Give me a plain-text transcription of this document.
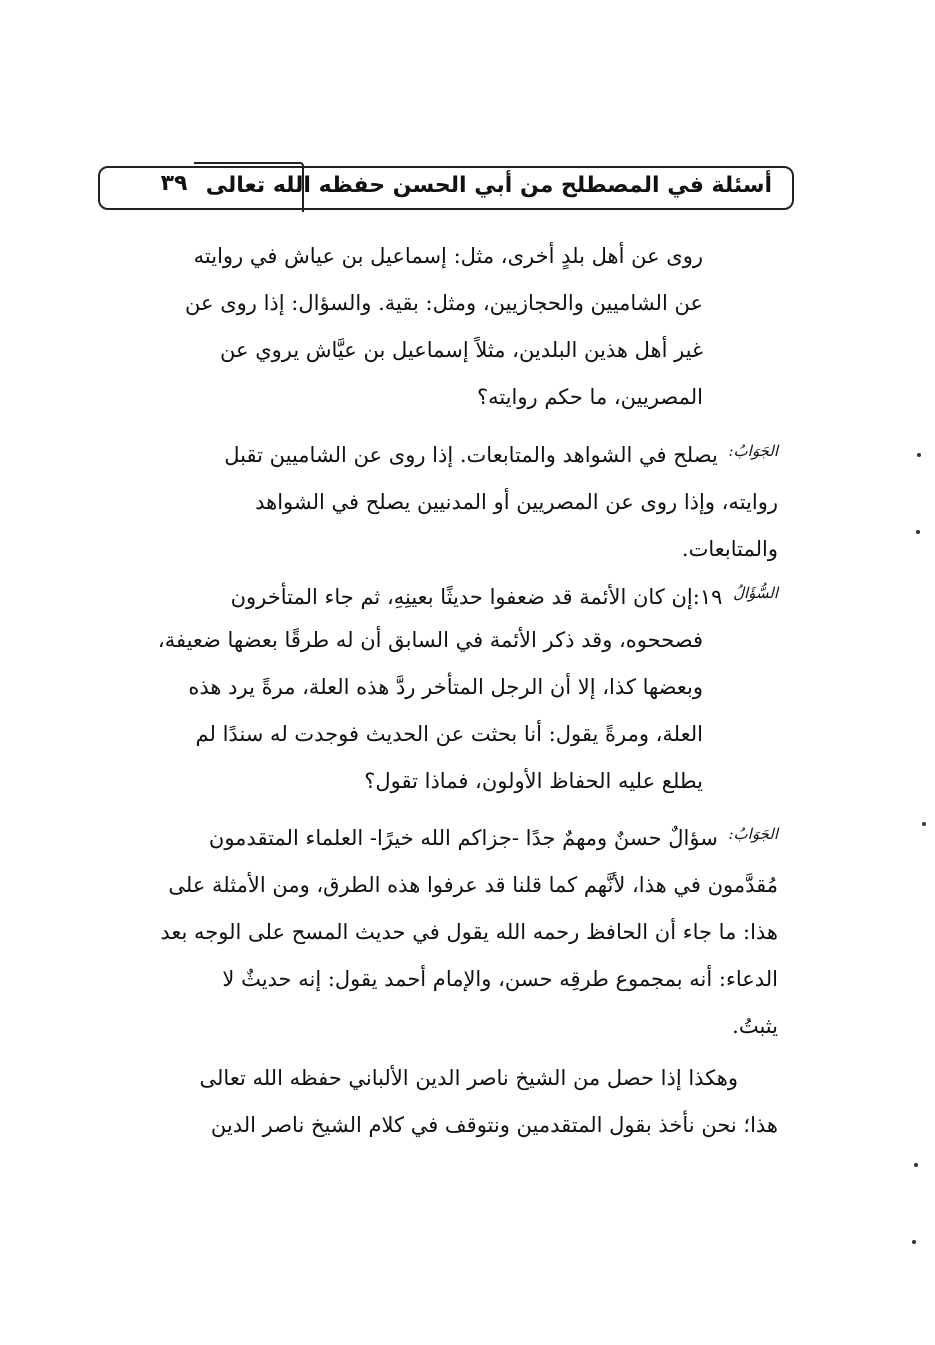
٣٩ أسئلة في المصطلح من أبي الحسن حفظه الله تعالى
روى عن أهل بلدٍ أخرى، مثل: إسماعيل بن عياش في روايته
عن الشاميين والحجازيين، ومثل: بقية. والسؤال: إذا روى عن
غير أهل هذين البلدين، مثلاً إسماعيل بن عيَّاش يروي عن
المصريين، ما حكم روايته؟
$^{الجَوَابُ:}$ يصلح في الشواهد والمتابعات. إذا روى عن الشاميين تقبل
روايته، وإذا روى عن المصريين أو المدنيين يصلح في الشواهد
والمتابعات.
$^{السُّؤَالُ}$ ١٩:إن كان الأئمة قد ضعفوا حديثًا بعينِهِ، ثم جاء المتأخرون
فصححوه، وقد ذكر الأئمة في السابق أن له طرقًا بعضها ضعيفة،
وبعضها كذا، إلا أن الرجل المتأخر ردَّ هذه العلة، مرةً يرد هذه
العلة، ومرةً يقول: أنا بحثت عن الحديث فوجدت له سندًا لم
يطلع عليه الحفاظ الأولون، فماذا تقول؟
$^{الجَوَابُ:}$ سؤالٌ حسنٌ ومهمٌ جدًا -جزاكم الله خيرًا- العلماء المتقدمون
مُقدَّمون في هذا، لأنَّهم كما قلنا قد عرفوا هذه الطرق، ومن الأمثلة على
هذا: ما جاء أن الحافظ رحمه الله يقول في حديث المسح على الوجه بعد
الدعاء: أنه بمجموع طرقِه حسن، والإمام أحمد يقول: إنه حديثٌ لا
يثبتُ.
وهكذا إذا حصل من الشيخ ناصر الدين الألباني حفظه الله تعالى
هذا؛ نحن نأخذ بقول المتقدمين ونتوقف في كلام الشيخ ناصر الدين
